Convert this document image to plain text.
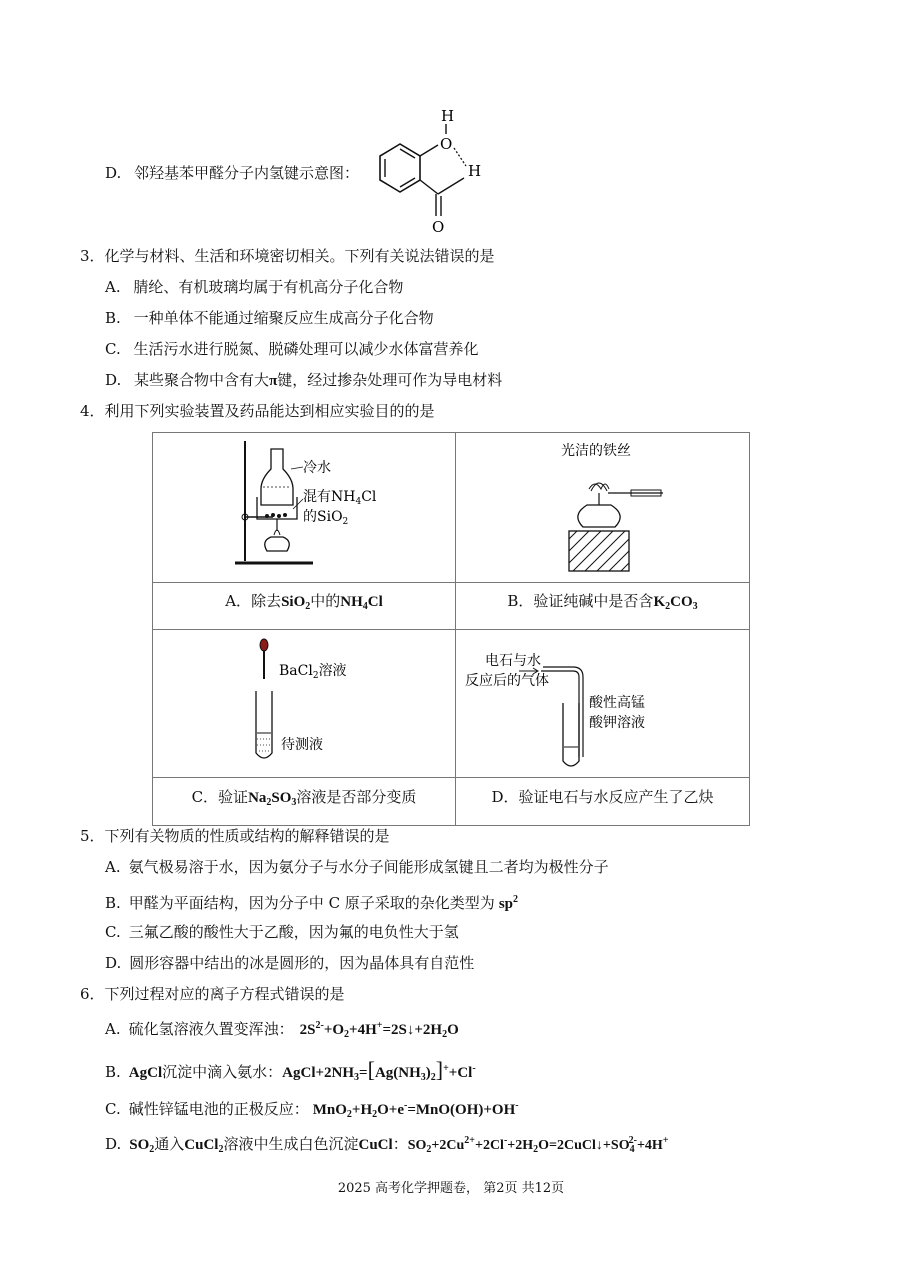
D. 邻羟基苯甲醛分子内氢键示意图：
O
H
H
O
3．化学与材料、生活和环境密切相关。下列有关说法错误的是
A. 腈纶、有机玻璃均属于有机高分子化合物
B. 一种单体不能通过缩聚反应生成高分子化合物
C. 生活污水进行脱氮、脱磷处理可以减少水体富营养化
D. 某些聚合物中含有大π键，经过掺杂处理可作为导电材料
4．利用下列实验装置及药品能达到相应实验目的的是
冷水
混有$NH_4Cl$
的SiO$_2$
光洁的铁丝
A．除去SiO$_2$中的$NH_4Cl$	B．验证纯碱中是否含$K_2CO_3$
BaCl$_2$溶液
待测液
电石与水
反应后的气体
酸性高锰
酸钾溶液
C．验证$Na_2SO_3$溶液是否部分变质	D．验证电石与水反应产生了乙炔
5．下列有关物质的性质或结构的解释错误的是
A. 氨气极易溶于水，因为氨分子与水分子间能形成氢键且二者均为极性分子
B. 甲醛为平面结构，因为分子中 C 原子采取的杂化类型为 $sp^2$
C. 三氟乙酸的酸性大于乙酸，因为氟的电负性大于氢
D. 圆形容器中结出的冰是圆形的，因为晶体具有自范性
6．下列过程对应的离子方程式错误的是
A. 硫化氢溶液久置变浑浊： $2S^{2-}+O_2+4H^+=2S↓+2H_2O$
B. AgCl沉淀中滴入氨水：$AgCl+2NH_3=[Ag(NH_3)_2]^++Cl^-$
C. 碱性锌锰电池的正极反应： $MnO_2+H_2O+e^-=MnO(OH)+OH^-$
D. $SO_2$通入CuCl$_2$溶液中生成白色沉淀CuCl：$SO_2+2Cu^{2+}+2Cl^-+2H_2O=2CuCl↓+SO_4^{2-}+4H^+$
2025 高考化学押题卷， 第2页 共12页
